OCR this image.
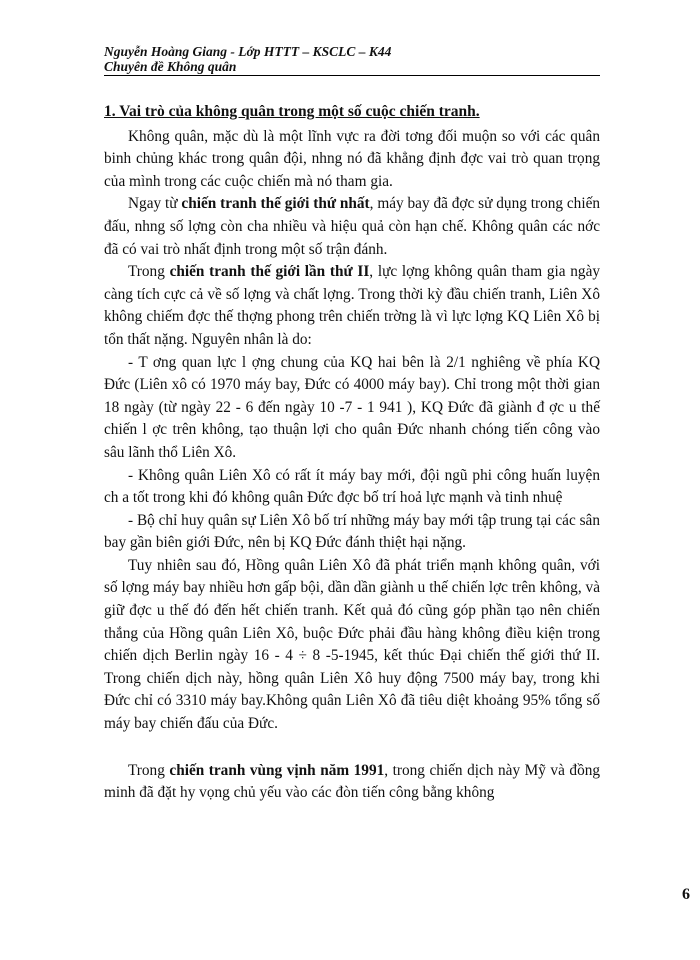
Nguyễn Hoàng Giang - Lớp HTTT – KSCLC – K44
Chuyên đề Không quân

1. Vai trò của không quân trong một số cuộc chiến tranh.

Không quân, mặc dù là một lĩnh vực ra đời tơng đối muộn so với các quân binh chủng khác trong quân đội, nhng nó đã khẳng định đợc vai trò quan trọng của mình trong các cuộc chiến mà nó tham gia.

Ngay từ chiến tranh thế giới thứ nhất, máy bay đã đợc sử dụng trong chiến đấu, nhng số lợng còn cha nhiều và hiệu quả còn hạn chế. Không quân các nớc đã có vai trò nhất định trong một số trận đánh.

Trong chiến tranh thế giới lần thứ II, lực lợng không quân tham gia ngày càng tích cực cả về số lợng và chất lợng. Trong thời kỳ đầu chiến tranh, Liên Xô không chiếm đợc thế thợng phong trên chiến trờng là vì lực lợng KQ Liên Xô bị tổn thất nặng. Nguyên nhân là do:

- T ơng quan lực l ợng chung của KQ hai bên là 2/1 nghiêng về phía KQ Đức (Liên xô có 1970 máy bay, Đức có 4000 máy bay). Chỉ trong một thời gian 18 ngày (từ ngày 22 - 6 đến ngày 10 -7 - 1 941 ), KQ Đức đã giành đ ợc u thế chiến l ợc trên không, tạo thuận lợi cho quân Đức nhanh chóng tiến công vào sâu lãnh thổ Liên Xô.

- Không quân Liên Xô có rất ít máy bay mới, đội ngũ phi công huấn luyện ch a tốt trong khi đó không quân Đức đợc bố trí hoả lực mạnh và tinh nhuệ

- Bộ chỉ huy quân sự Liên Xô bố trí những máy bay mới tập trung tại các sân bay gần biên giới Đức, nên bị KQ Đức đánh thiệt hại nặng.

Tuy nhiên sau đó, Hồng quân Liên Xô đã phát triển mạnh không quân, với số lợng máy bay nhiều hơn gấp bội, dần dần giành u thế chiến lợc trên không, và giữ đợc u thế đó đến hết chiến tranh. Kết quả đó cũng góp phần tạo nên chiến thắng của Hồng quân Liên Xô, buộc Đức phải đầu hàng không điều kiện trong chiến dịch Berlin ngày 16 - 4 ÷ 8 -5-1945, kết thúc Đại chiến thế giới thứ II. Trong chiến dịch này, hồng quân Liên Xô huy động 7500 máy bay, trong khi Đức chỉ có 3310 máy bay.Không quân Liên Xô đã tiêu diệt khoảng 95% tổng số máy bay chiến đấu của Đức.

Trong chiến tranh vùng vịnh năm 1991, trong chiến dịch này Mỹ và đồng minh đã đặt hy vọng chủ yếu vào các đòn tiến công bằng không

6
